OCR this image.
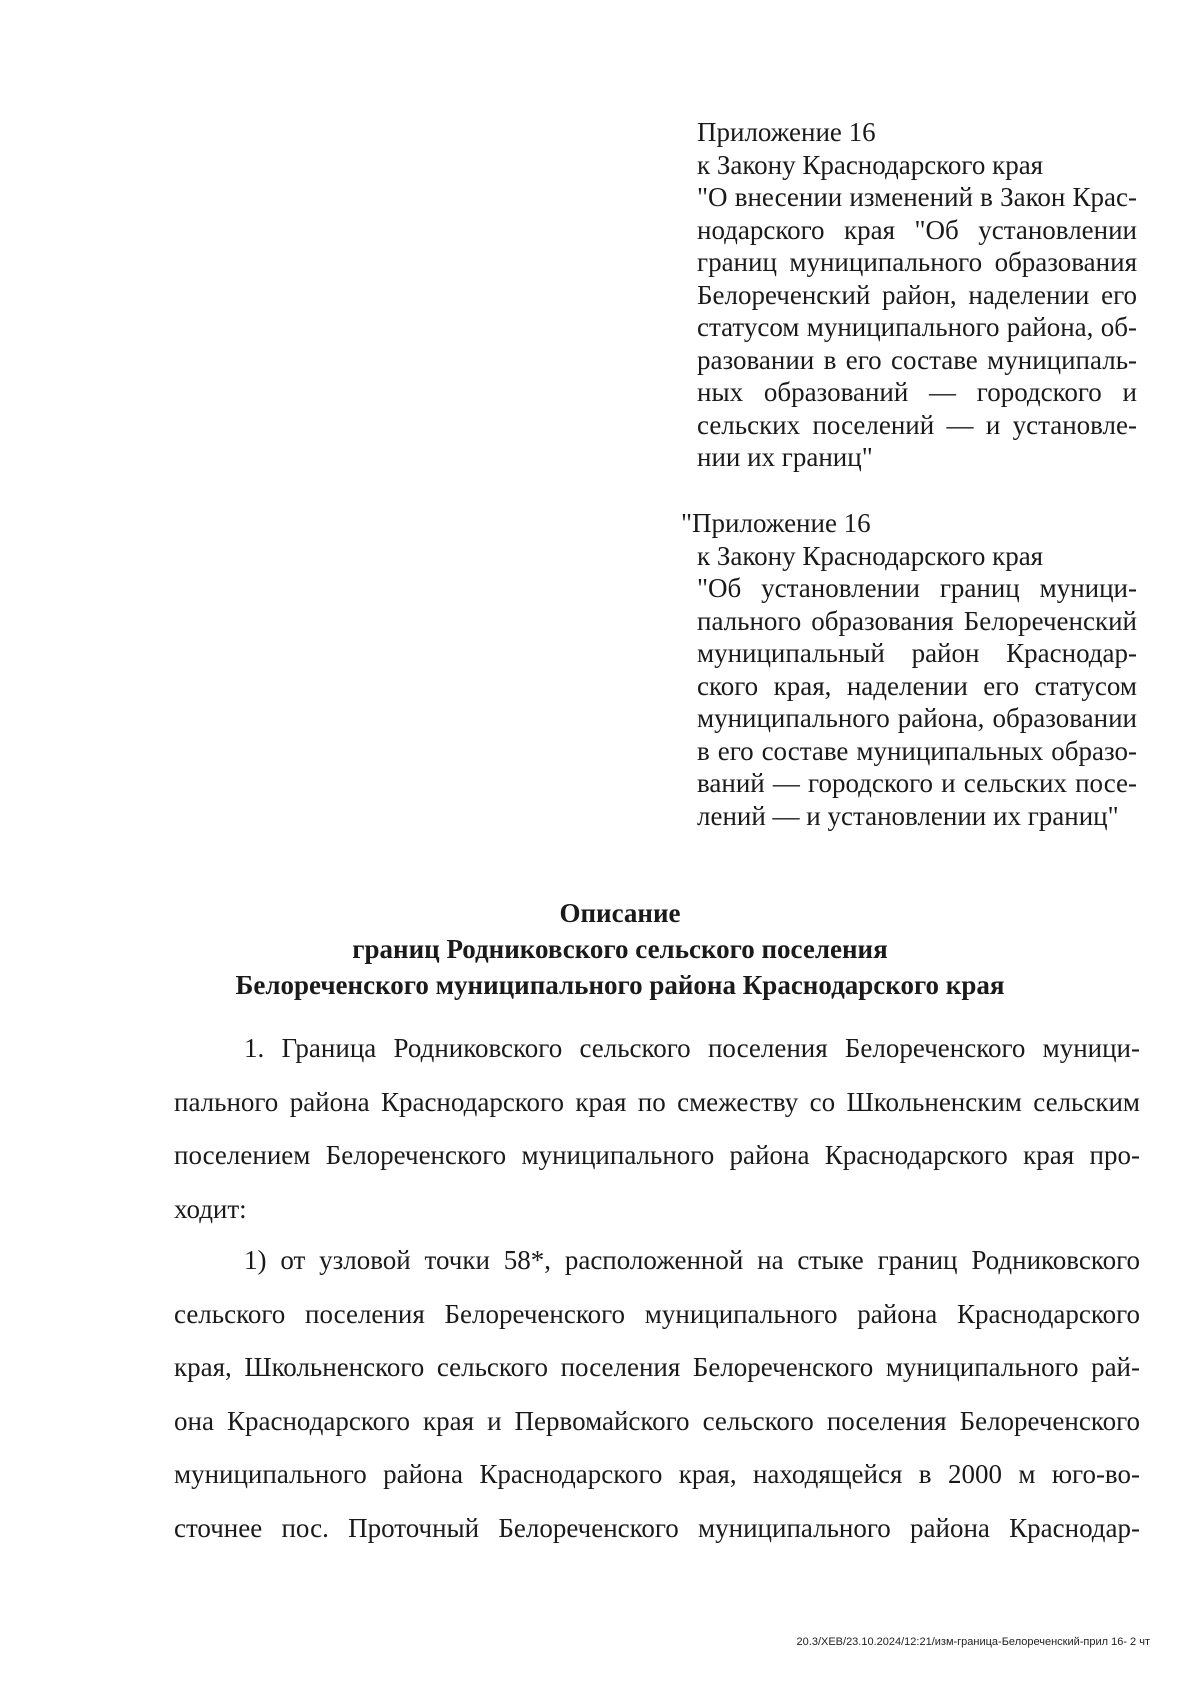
Приложение 16
к Закону Краснодарского края
"О внесении изменений в Закон Крас-
нодарского края "Об установлении
границ муниципального образования
Белореченский район, наделении его
статусом муниципального района, об-
разовании в его составе муниципаль-
ных образований — городского и
сельских поселений — и установле-
нии их границ"
"Приложение 16
к Закону Краснодарского края
"Об установлении границ муници-
пального образования Белореченский
муниципальный район Краснодар-
ского края, наделении его статусом
муниципального района, образовании
в его составе муниципальных образо-
ваний — городского и сельских посе-
лений — и установлении их границ"
Описание
границ Родниковского сельского поселения
Белореченского муниципального района Краснодарского края
1. Граница Родниковского сельского поселения Белореченского муници-
пального района Краснодарского края по смежеству со Школьненским сельским
поселением Белореченского муниципального района Краснодарского края про-
ходит:
1) от узловой точки 58*, расположенной на стыке границ Родниковского
сельского поселения Белореченского муниципального района Краснодарского
края, Школьненского сельского поселения Белореченского муниципального рай-
она Краснодарского края и Первомайского сельского поселения Белореченского
муниципального района Краснодарского края, находящейся в 2000 м юго-во-
сточнее пос. Проточный Белореченского муниципального района Краснодар-
20.3/ХЕВ/23.10.2024/12:21/изм-граница-Белореченский-прил 16- 2 чт
